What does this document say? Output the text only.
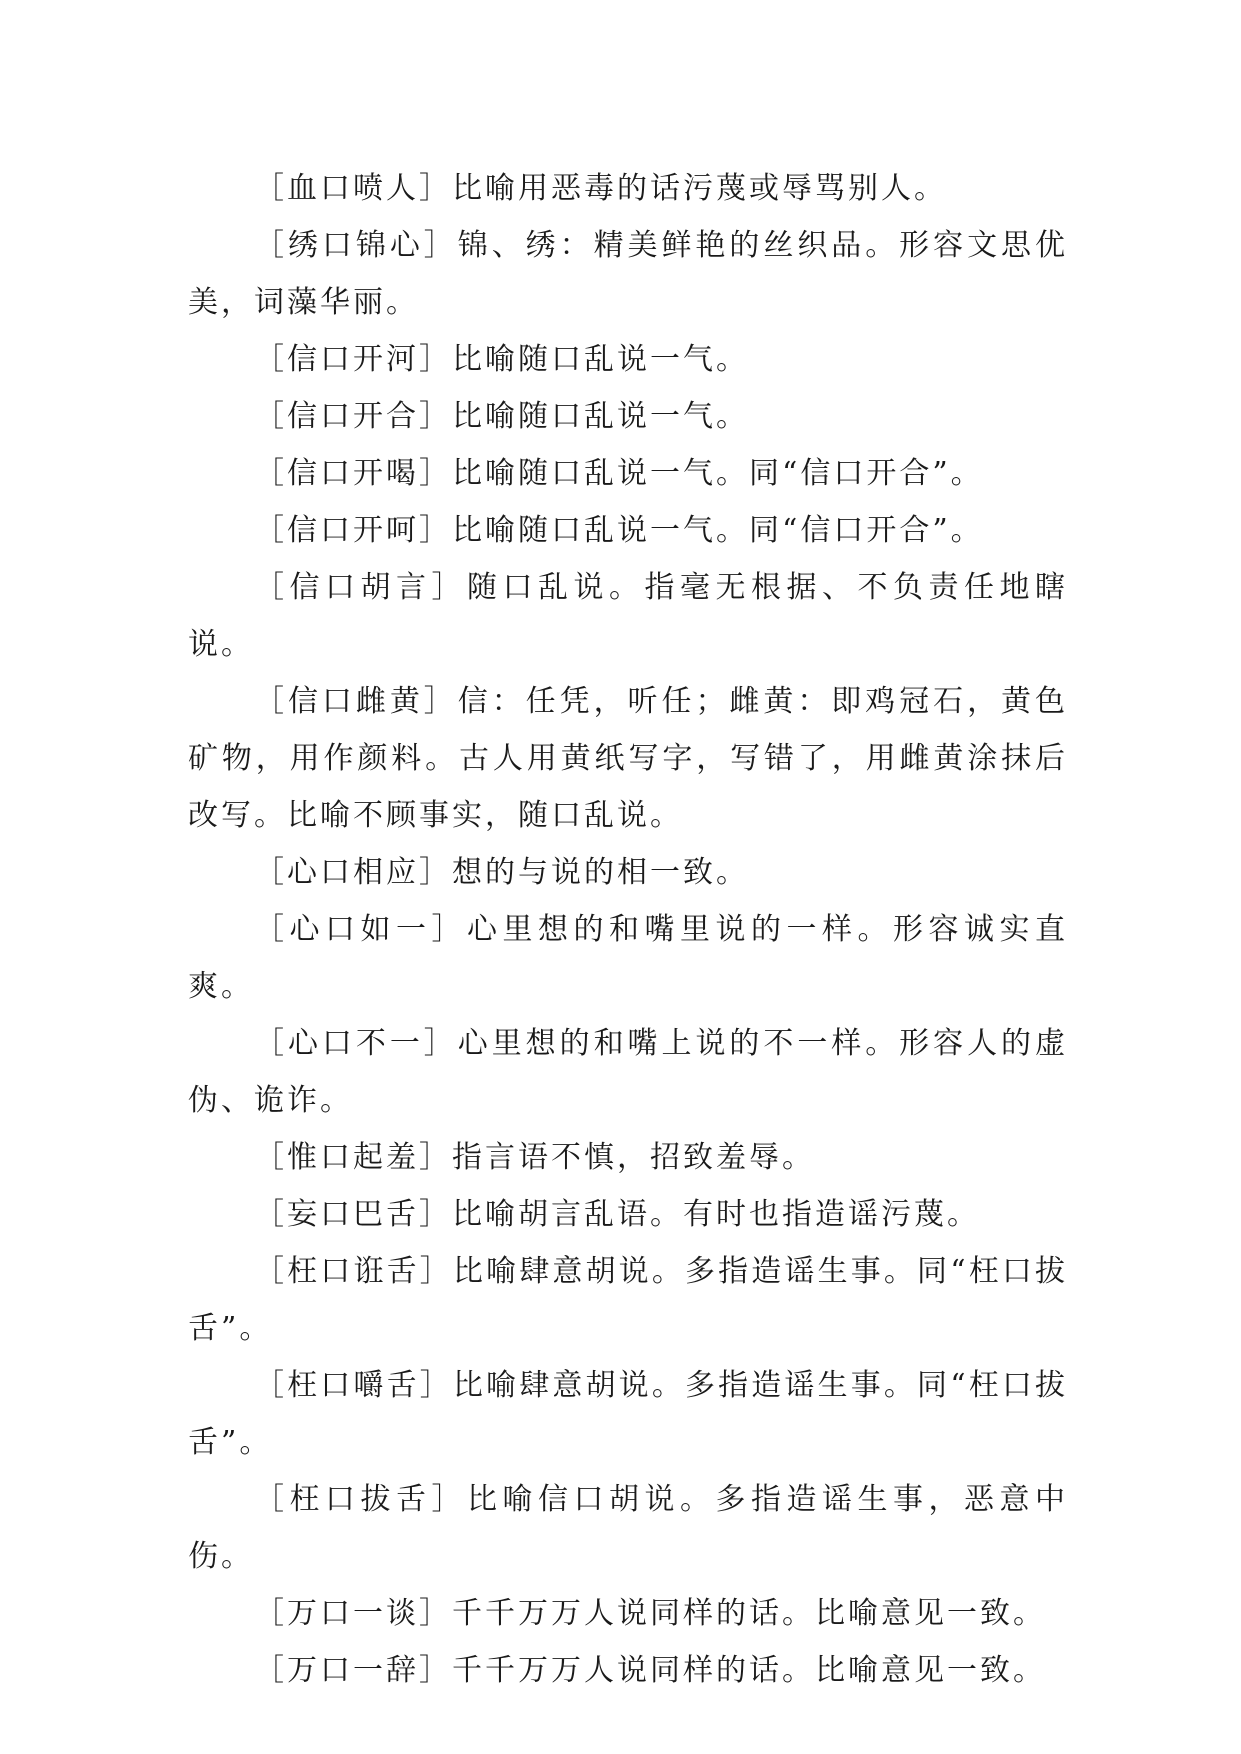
［血口喷人］比喻用恶毒的话污蔑或辱骂别人。

［绣口锦心］锦、绣：精美鲜艳的丝织品。形容文思优美，词藻华丽。

［信口开河］比喻随口乱说一气。

［信口开合］比喻随口乱说一气。

［信口开喝］比喻随口乱说一气。同“信口开合”。

［信口开呵］比喻随口乱说一气。同“信口开合”。

［信口胡言］随口乱说。指毫无根据、不负责任地瞎说。

［信口雌黄］信：任凭，听任；雌黄：即鸡冠石，黄色矿物，用作颜料。古人用黄纸写字，写错了，用雌黄涂抹后改写。比喻不顾事实，随口乱说。

［心口相应］想的与说的相一致。

［心口如一］心里想的和嘴里说的一样。形容诚实直爽。

［心口不一］心里想的和嘴上说的不一样。形容人的虚伪、诡诈。

［惟口起羞］指言语不慎，招致羞辱。

［妄口巴舌］比喻胡言乱语。有时也指造谣污蔑。

［枉口诳舌］比喻肆意胡说。多指造谣生事。同“枉口拔舌”。

［枉口嚼舌］比喻肆意胡说。多指造谣生事。同“枉口拔舌”。

［枉口拔舌］比喻信口胡说。多指造谣生事，恶意中伤。

［万口一谈］千千万万人说同样的话。比喻意见一致。

［万口一辞］千千万万人说同样的话。比喻意见一致。
